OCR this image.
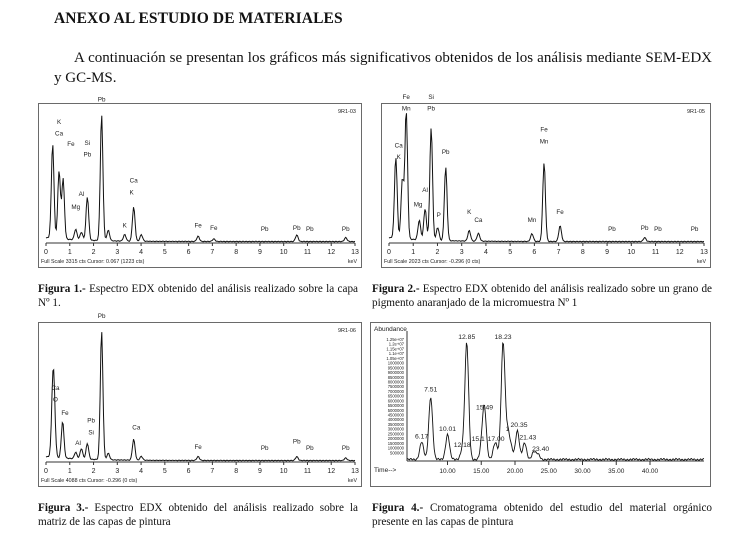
ANEXO AL ESTUDIO DE MATERIALES

A continuación se presentan los gráficos más significativos obtenidos de los análisis mediante SEM-EDX y GC-MS.

0	1	2	3	4	5	6	7	8	9	10 11 12 13
Full Scale 3315 cts Cursor: 0.067 (1223 cts)	keV
9R1-03
K
Ca
Fe
Pb
Si
Pb
Al
Mg
Ca
K
K	Fe Fe	Pb	Pb Pb	Pb

Figura 1.- Espectro EDX obtenido del análisis realizado sobre la capa Nº 1.

0	1	2	3	4	5	6	7	8	9	10 11 12 13
Full Scale 2023 cts Cursor: -0.296 (0 cts)	keV
9R1-05
Fe
Mn
Si
Pb
Ca
K
Pb
Al
Mg
P	K
Ca
Fe
Mn
Mn
Fe
Pb	Pb Pb	Pb

Figura 2.- Espectro EDX obtenido del análisis realizado sobre un grano de pigmento anaranjado de la micromuestra Nº 1

0	1	2	3	4	5	6	7	8	9	10 11 12 13
Full Scale 4088 cts Cursor: -0.296 (0 cts)	keV
9R1-06
Pb
Ca
O
Fe
Pb
Si
Al
Ca
Fe	Pb
Pb
Pb	Pb

Figura 3.- Espectro EDX obtenido del análisis realizado sobre la matriz de las capas de pintura

10.00	15.00	20.00	25.00	30.00	35.00	40.00
Time-->
Abundance
1.25e+07
1.2e+07
1.15e+07
1.1e+07
1.05e+07
1000000
9500000
9000000
8500000
8000000
7500000
7000000
6500000
6000000
5500000
5000000
4500000
4000000
3500000
3000000
2500000
2000000
1500000
1000000
500000
6.17
7.51
10.01
12.18
12.85
15.1
15.49
17.00
18.23
1
20.35
21.43
23.40

Figura 4.- Cromatograma obtenido del estudio del material orgánico presente en las capas de pintura
